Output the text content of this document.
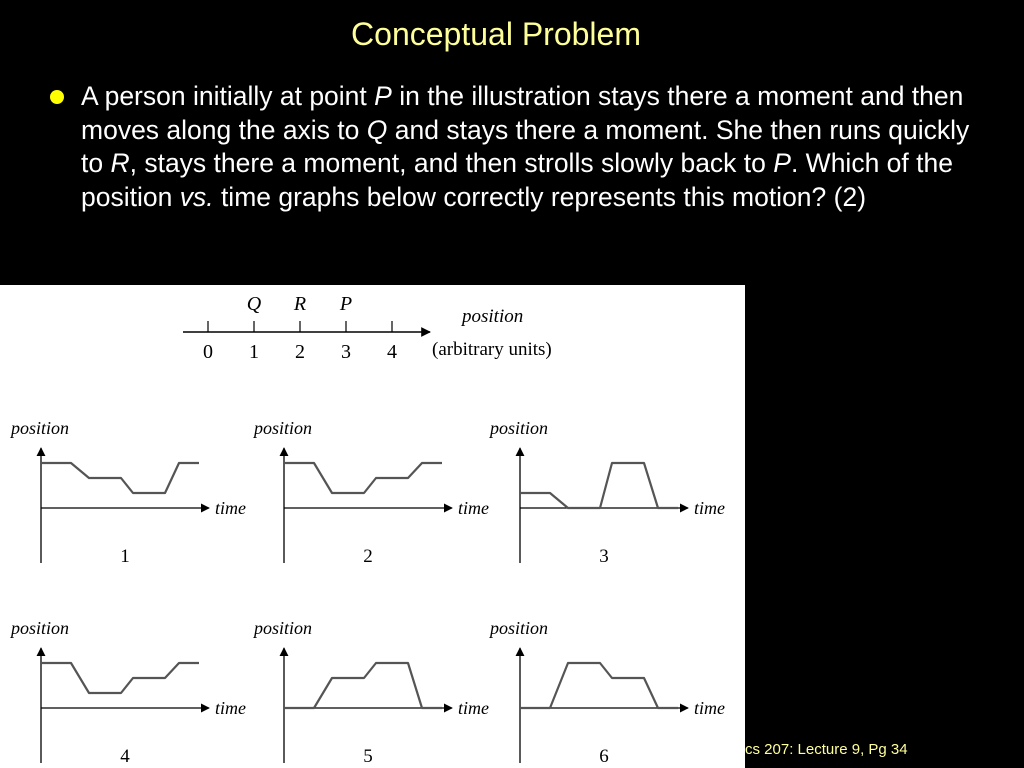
Conceptual Problem
A person initially at point P in the illustration stays there a moment and then moves along the axis to Q and stays there a moment. She then runs quickly to R, stays there a moment, and then strolls slowly back to P. Which of the position vs. time graphs below correctly represents this motion? (2)
0 1 2 3 4
Q R P
position
(arbitrary units)
position
time
1
position
time
2
position
time
3
position
time
4
position
time
5
position
time
6	cs 207: Lecture 9, Pg 34
